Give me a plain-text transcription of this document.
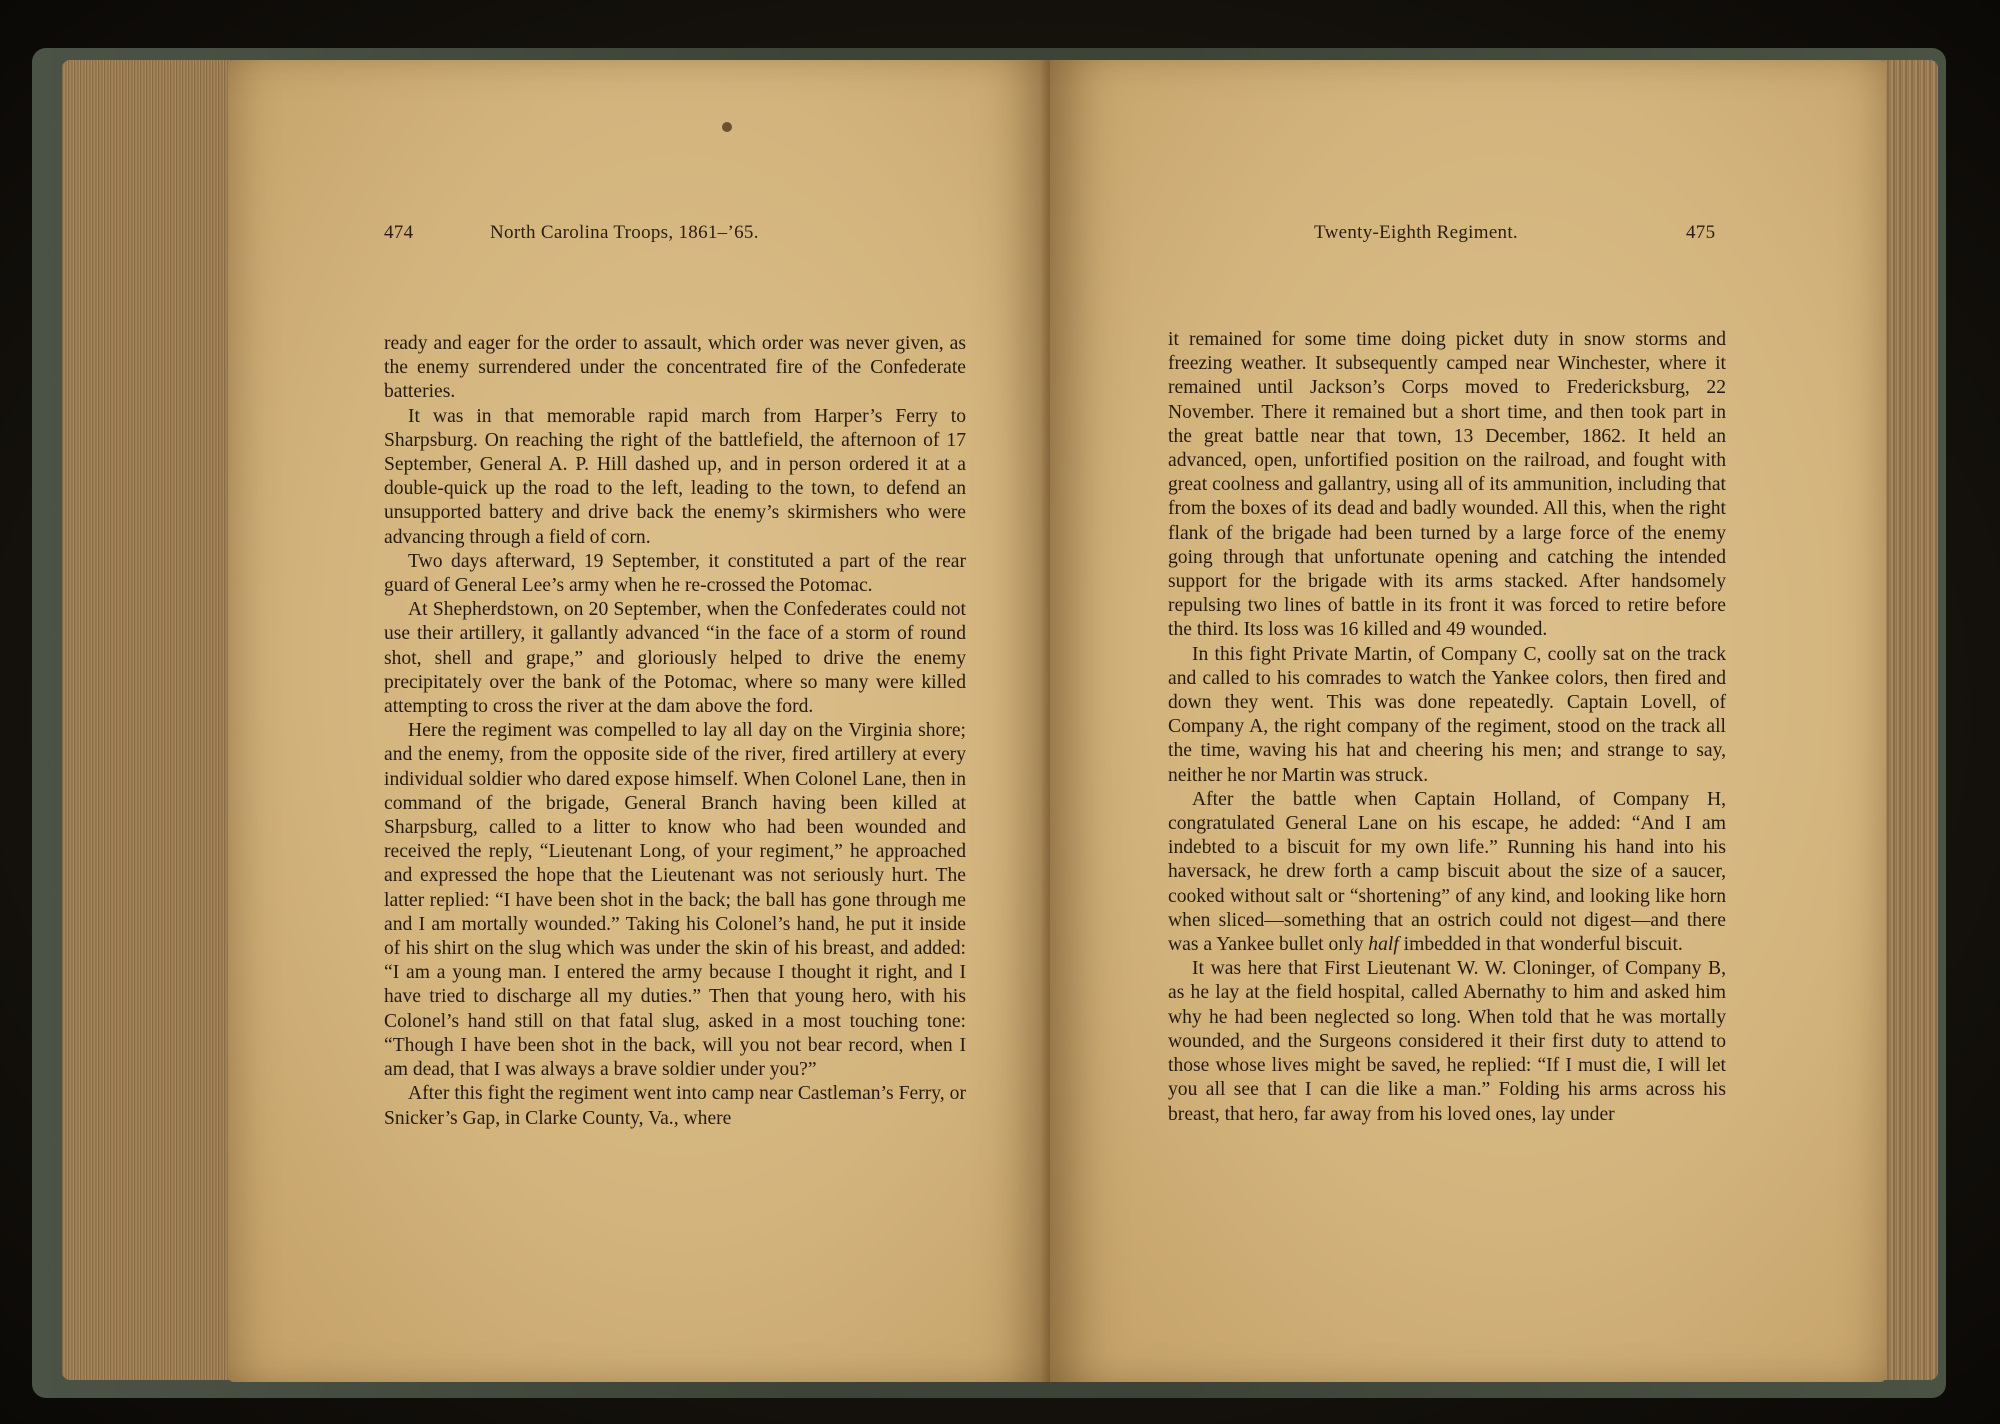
474	North Carolina Troops, 1861–’65.

ready and eager for the order to assault, which order was never given, as the enemy surrendered under the concentrated fire of the Confederate batteries.

It was in that memorable rapid march from Harper’s Ferry to Sharpsburg. On reaching the right of the battlefield, the afternoon of 17 September, General A. P. Hill dashed up, and in person ordered it at a double-quick up the road to the left, leading to the town, to defend an unsupported battery and drive back the enemy’s skirmishers who were advancing through a field of corn.

Two days afterward, 19 September, it constituted a part of the rear guard of General Lee’s army when he re-crossed the Potomac.

At Shepherdstown, on 20 September, when the Confederates could not use their artillery, it gallantly advanced “in the face of a storm of round shot, shell and grape,” and gloriously helped to drive the enemy precipitately over the bank of the Potomac, where so many were killed attempting to cross the river at the dam above the ford.

Here the regiment was compelled to lay all day on the Virginia shore; and the enemy, from the opposite side of the river, fired artillery at every individual soldier who dared expose himself. When Colonel Lane, then in command of the brigade, General Branch having been killed at Sharpsburg, called to a litter to know who had been wounded and received the reply, “Lieutenant Long, of your regiment,” he approached and expressed the hope that the Lieutenant was not seriously hurt. The latter replied: “I have been shot in the back; the ball has gone through me and I am mortally wounded.” Taking his Colonel’s hand, he put it inside of his shirt on the slug which was under the skin of his breast, and added: “I am a young man. I entered the army because I thought it right, and I have tried to discharge all my duties.” Then that young hero, with his Colonel’s hand still on that fatal slug, asked in a most touching tone: “Though I have been shot in the back, will you not bear record, when I am dead, that I was always a brave soldier under you?”

After this fight the regiment went into camp near Castleman’s Ferry, or Snicker’s Gap, in Clarke County, Va., where

Twenty-Eighth Regiment.	475

it remained for some time doing picket duty in snow storms and freezing weather. It subsequently camped near Winchester, where it remained until Jackson’s Corps moved to Fredericksburg, 22 November. There it remained but a short time, and then took part in the great battle near that town, 13 December, 1862. It held an advanced, open, unfortified position on the railroad, and fought with great coolness and gallantry, using all of its ammunition, including that from the boxes of its dead and badly wounded. All this, when the right flank of the brigade had been turned by a large force of the enemy going through that unfortunate opening and catching the intended support for the brigade with its arms stacked. After handsomely repulsing two lines of battle in its front it was forced to retire before the third. Its loss was 16 killed and 49 wounded.

In this fight Private Martin, of Company C, coolly sat on the track and called to his comrades to watch the Yankee colors, then fired and down they went. This was done repeatedly. Captain Lovell, of Company A, the right company of the regiment, stood on the track all the time, waving his hat and cheering his men; and strange to say, neither he nor Martin was struck.

After the battle when Captain Holland, of Company H, congratulated General Lane on his escape, he added: “And I am indebted to a biscuit for my own life.” Running his hand into his haversack, he drew forth a camp biscuit about the size of a saucer, cooked without salt or “shortening” of any kind, and looking like horn when sliced—something that an ostrich could not digest—and there was a Yankee bullet only half imbedded in that wonderful biscuit.

It was here that First Lieutenant W. W. Cloninger, of Company B, as he lay at the field hospital, called Abernathy to him and asked him why he had been neglected so long. When told that he was mortally wounded, and the Surgeons considered it their first duty to attend to those whose lives might be saved, he replied: “If I must die, I will let you all see that I can die like a man.” Folding his arms across his breast, that hero, far away from his loved ones, lay under
